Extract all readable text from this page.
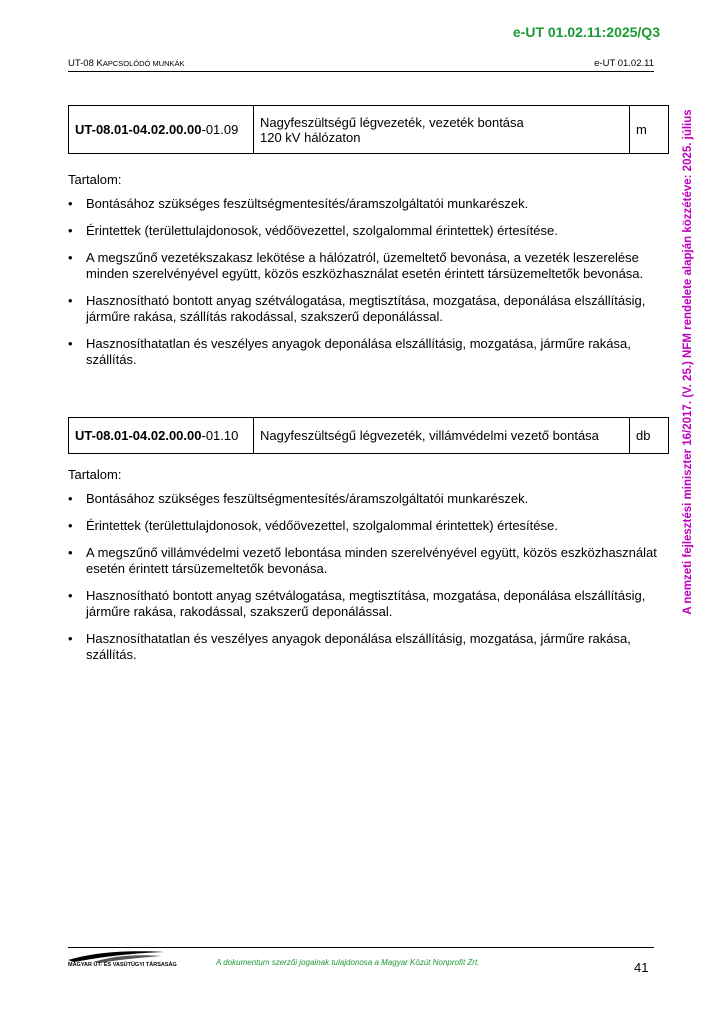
e-UT 01.02.11:2025/Q3
UT-08 KAPCSOLÓDÓ MUNKÁK	e-UT 01.02.11
A nemzeti fejlesztési miniszter 16/2017. (V. 25.) NFM rendelete alapján közzétéve: 2025. július
UT-08.01-04.02.00.00-01.09	Nagyfeszültségű légvezeték, vezeték bontása
120 kV hálózaton	m
Tartalom:
• Bontásához szükséges feszültségmentesítés/áramszolgáltatói munkarészek.
• Érintettek (területtulajdonosok, védőövezettel, szolgalommal érintettek) értesítése.
• A megszűnő vezetékszakasz lekötése a hálózatról, üzemeltető bevonása, a vezeték leszerelése minden szerelvényével együtt, közös eszközhasználat esetén érintett társüzemeltetők bevonása.
• Hasznosítható bontott anyag szétválogatása, megtisztítása, mozgatása, deponálása elszállításig, járműre rakása, szállítás rakodással, szakszerű deponálással.
• Hasznosíthatatlan és veszélyes anyagok deponálása elszállításig, mozgatása, járműre rakása, szállítás.
UT-08.01-04.02.00.00-01.10	Nagyfeszültségű légvezeték, villámvédelmi vezető bontása	db
Tartalom:
• Bontásához szükséges feszültségmentesítés/áramszolgáltatói munkarészek.
• Érintettek (területtulajdonosok, védőövezettel, szolgalommal érintettek) értesítése.
• A megszűnő villámvédelmi vezető lebontása minden szerelvényével együtt, közös eszközhasználat esetén érintett társüzemeltetők bevonása.
• Hasznosítható bontott anyag szétválogatása, megtisztítása, mozgatása, deponálása elszállításig, járműre rakása, rakodással, szakszerű deponálással.
• Hasznosíthatatlan és veszélyes anyagok deponálása elszállításig, mozgatása, járműre rakása, szállítás.
MAGYAR ÚT- ÉS VASÚTÜGYI TÁRSASÁG	A dokumentum szerzői jogainak tulajdonosa a Magyar Közút Nonprofit Zrt.	41
